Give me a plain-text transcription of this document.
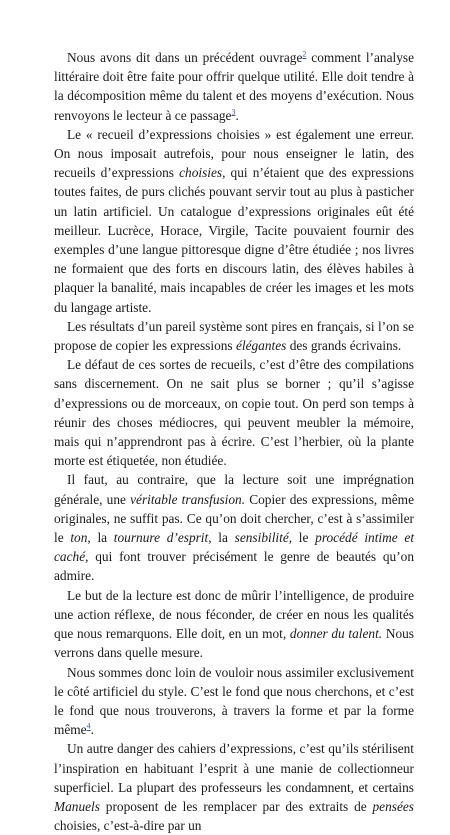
Nous avons dit dans un précédent ouvrage$^2$ comment l’analyse littéraire doit être faite pour offrir quelque utilité. Elle doit tendre à la décomposition même du talent et des moyens d’exécution. Nous renvoyons le lecteur à ce passage$^3$.

Le « recueil d’expressions choisies » est également une erreur. On nous imposait autrefois, pour nous enseigner le latin, des recueils d’expressions choisies, qui n’étaient que des expressions toutes faites, de purs clichés pouvant servir tout au plus à pasticher un latin artificiel. Un catalogue d’expressions originales eût été meilleur. Lucrèce, Horace, Virgile, Tacite pouvaient fournir des exemples d’une langue pittoresque digne d’être étudiée ; nos livres ne formaient que des forts en discours latin, des élèves habiles à plaquer la banalité, mais incapables de créer les images et les mots du langage artiste.

Les résultats d’un pareil système sont pires en français, si l’on se propose de copier les expressions élégantes des grands écrivains.

Le défaut de ces sortes de recueils, c’est d’être des compilations sans discernement. On ne sait plus se borner ; qu’il s’agisse d’expressions ou de morceaux, on copie tout. On perd son temps à réunir des choses médiocres, qui peuvent meubler la mémoire, mais qui n’apprendront pas à écrire. C’est l’herbier, où la plante morte est étiquetée, non étudiée.

Il faut, au contraire, que la lecture soit une imprégnation générale, une véritable transfusion. Copier des expressions, même originales, ne suffit pas. Ce qu’on doit chercher, c’est à s’assimiler le ton, la tournure d’esprit, la sensibilité, le procédé intime et caché, qui font trouver précisément le genre de beautés qu’on admire.

Le but de la lecture est donc de mûrir l’intelligence, de produire une action réflexe, de nous féconder, de créer en nous les qualités que nous remarquons. Elle doit, en un mot, donner du talent. Nous verrons dans quelle mesure.

Nous sommes donc loin de vouloir nous assimiler exclusivement le côté artificiel du style. C’est le fond que nous cherchons, et c’est le fond que nous trouverons, à travers la forme et par la forme même$^4$.

Un autre danger des cahiers d’expressions, c’est qu’ils stérilisent l’inspiration en habituant l’esprit à une manie de collectionneur superficiel. La plupart des professeurs les condamnent, et certains Manuels proposent de les remplacer par des extraits de pensées choisies, c’est-à-dire par un
